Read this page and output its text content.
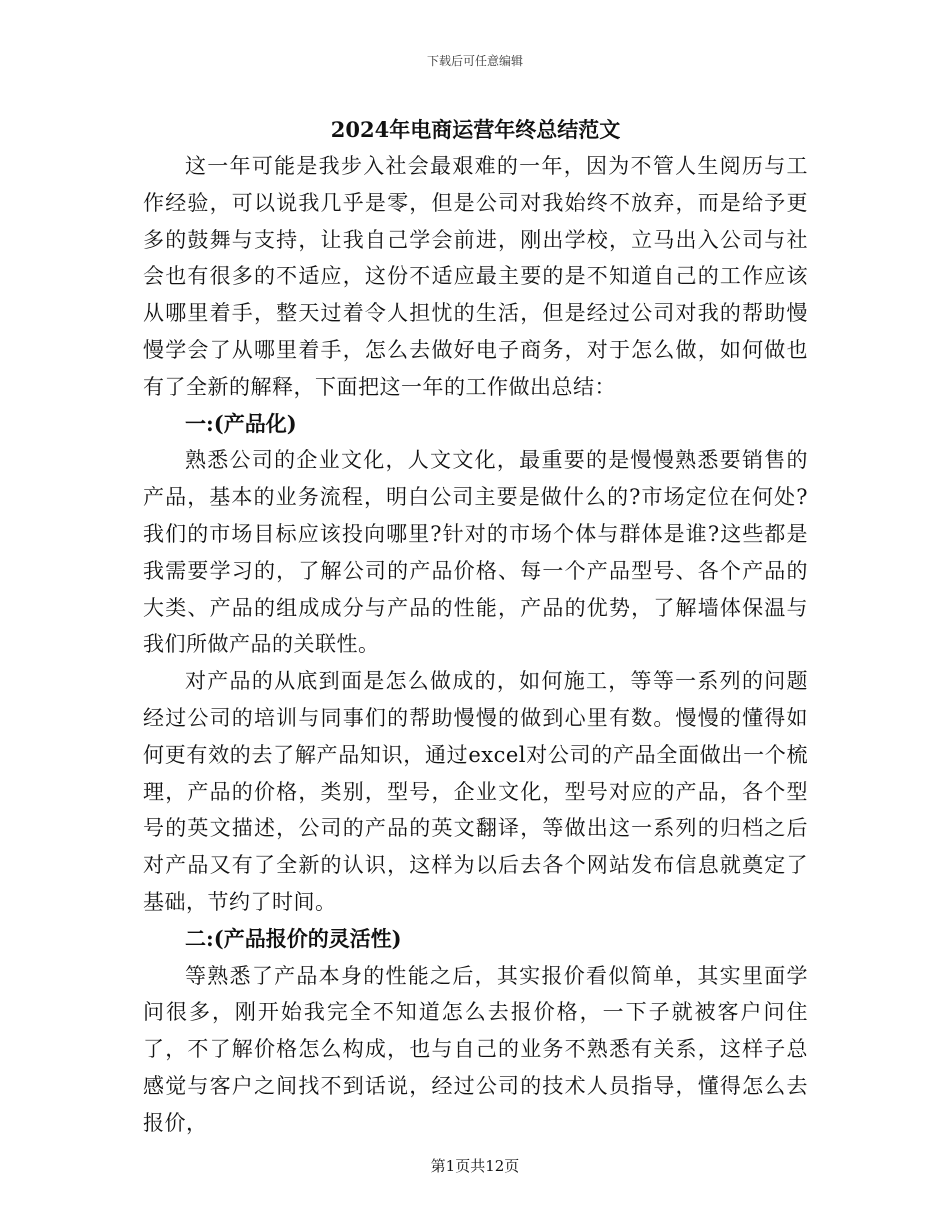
下载后可任意编辑
2024年电商运营年终总结范文

这一年可能是我步入社会最艰难的一年，因为不管人生阅历与工作经验，可以说我几乎是零，但是公司对我始终不放弃，而是给予更多的鼓舞与支持，让我自己学会前进，刚出学校，立马出入公司与社会也有很多的不适应，这份不适应最主要的是不知道自己的工作应该从哪里着手，整天过着令人担忧的生活，但是经过公司对我的帮助慢慢学会了从哪里着手，怎么去做好电子商务，对于怎么做，如何做也有了全新的解释，下面把这一年的工作做出总结：

一:(产品化)

熟悉公司的企业文化，人文文化，最重要的是慢慢熟悉要销售的产品，基本的业务流程，明白公司主要是做什么的?市场定位在何处?我们的市场目标应该投向哪里?针对的市场个体与群体是谁?这些都是我需要学习的，了解公司的产品价格、每一个产品型号、各个产品的大类、产品的组成成分与产品的性能，产品的优势，了解墙体保温与我们所做产品的关联性。

对产品的从底到面是怎么做成的，如何施工，等等一系列的问题经过公司的培训与同事们的帮助慢慢的做到心里有数。慢慢的懂得如何更有效的去了解产品知识，通过excel对公司的产品全面做出一个梳理，产品的价格，类别，型号，企业文化，型号对应的产品，各个型号的英文描述，公司的产品的英文翻译，等做出这一系列的归档之后对产品又有了全新的认识，这样为以后去各个网站发布信息就奠定了基础，节约了时间。

二:(产品报价的灵活性)

等熟悉了产品本身的性能之后，其实报价看似简单，其实里面学问很多，刚开始我完全不知道怎么去报价格，一下子就被客户问住了，不了解价格怎么构成，也与自己的业务不熟悉有关系，这样子总感觉与客户之间找不到话说，经过公司的技术人员指导，懂得怎么去报价，

第1页共12页
